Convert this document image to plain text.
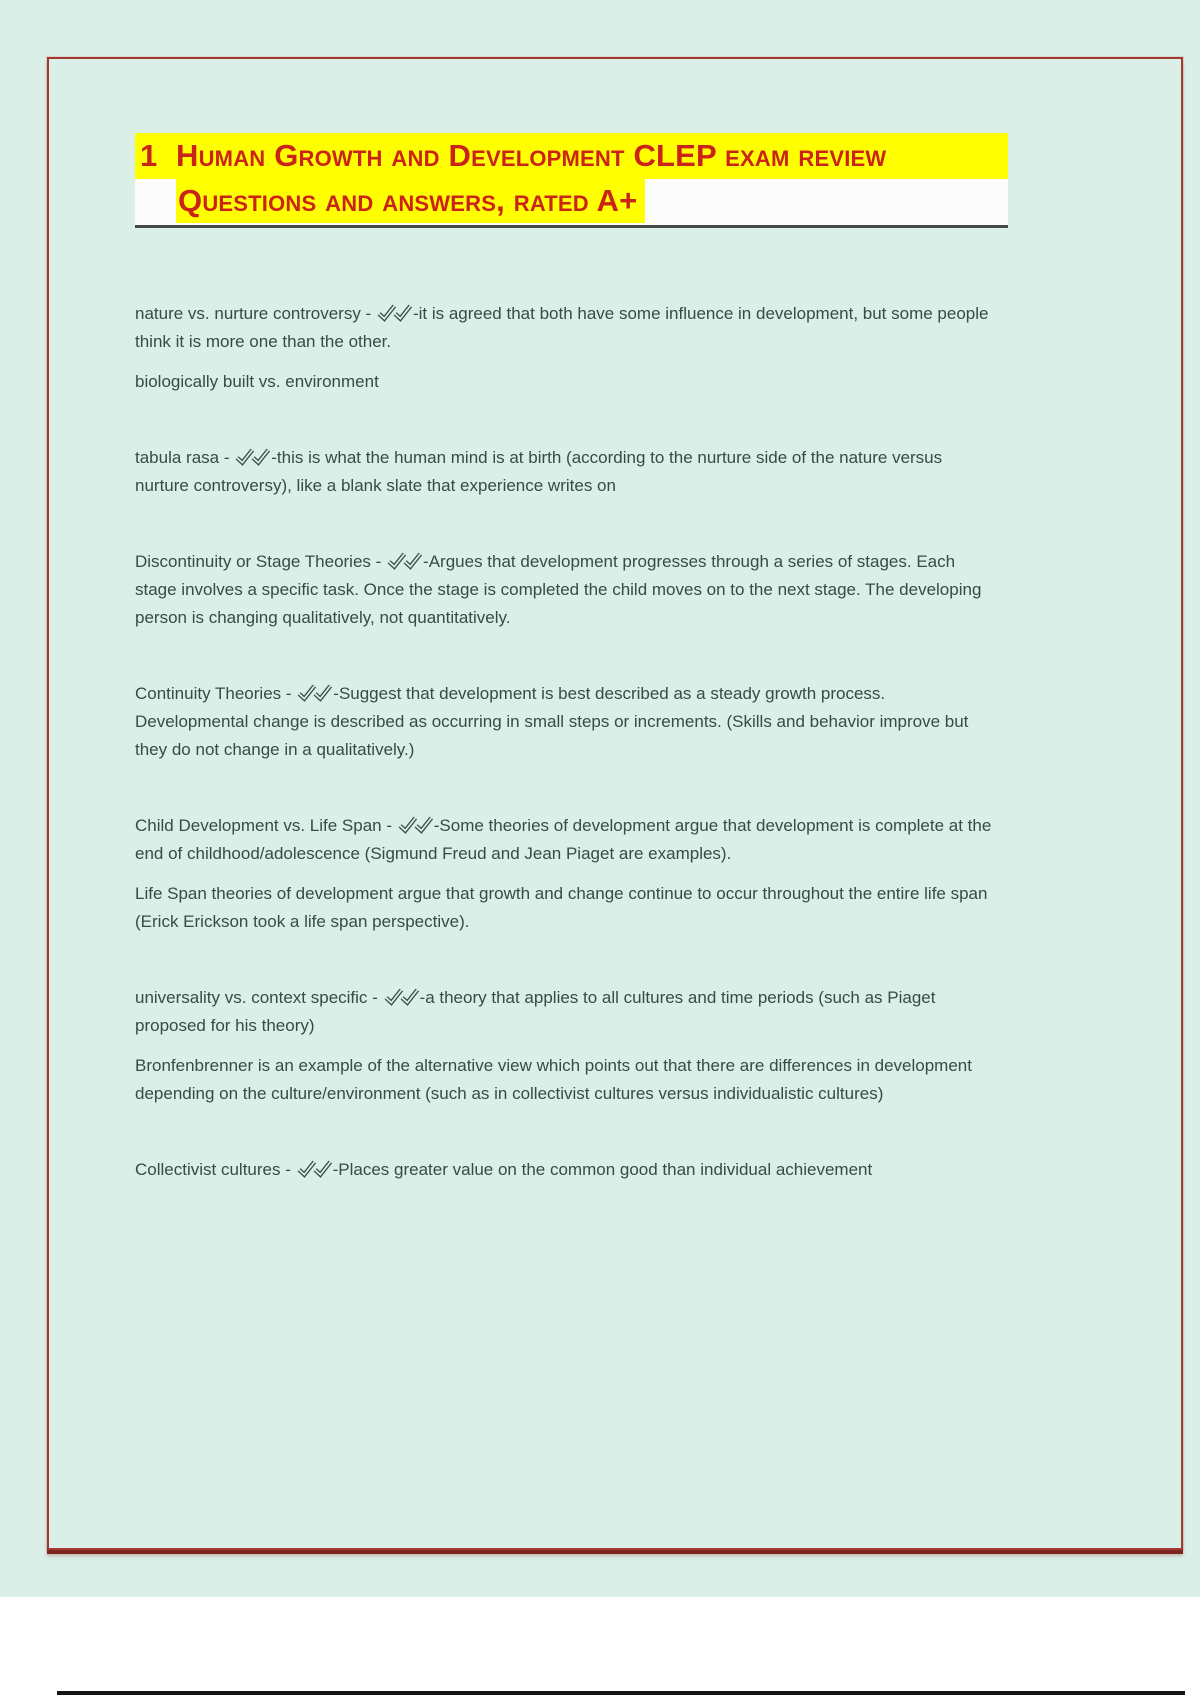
1 Human Growth and Development CLEP exam review
Questions and answers, rated A+

nature vs. nurture controversy - -it is agreed that both have some influence in development, but some people think it is more one than the other.

biologically built vs. environment

tabula rasa - -this is what the human mind is at birth (according to the nurture side of the nature versus nurture controversy), like a blank slate that experience writes on

Discontinuity or Stage Theories - -Argues that development progresses through a series of stages. Each stage involves a specific task. Once the stage is completed the child moves on to the next stage. The developing person is changing qualitatively, not quantitatively.

Continuity Theories - -Suggest that development is best described as a steady growth process. Developmental change is described as occurring in small steps or increments. (Skills and behavior improve but they do not change in a qualitatively.)

Child Development vs. Life Span - -Some theories of development argue that development is complete at the end of childhood/adolescence (Sigmund Freud and Jean Piaget are examples).

Life Span theories of development argue that growth and change continue to occur throughout the entire life span (Erick Erickson took a life span perspective).

universality vs. context specific - -a theory that applies to all cultures and time periods (such as Piaget proposed for his theory)

Bronfenbrenner is an example of the alternative view which points out that there are differences in development depending on the culture/environment (such as in collectivist cultures versus individualistic cultures)

Collectivist cultures - -Places greater value on the common good than individual achievement
